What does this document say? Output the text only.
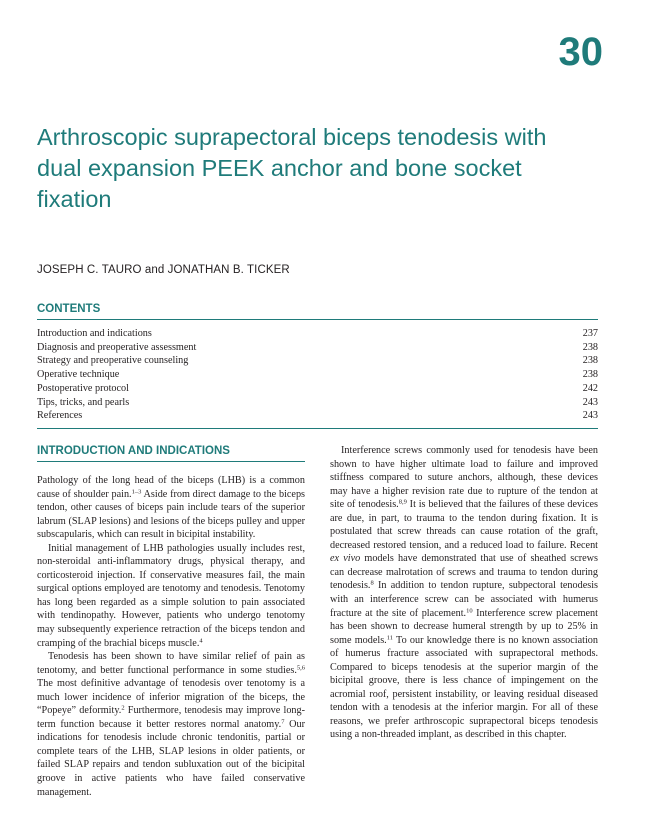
30
Arthroscopic suprapectoral biceps tenodesis with dual expansion PEEK anchor and bone socket fixation
JOSEPH C. TAURO and JONATHAN B. TICKER
CONTENTS
Introduction and indications	237
Diagnosis and preoperative assessment	238
Strategy and preoperative counseling	238
Operative technique	238
Postoperative protocol	242
Tips, tricks, and pearls	243
References	243
INTRODUCTION AND INDICATIONS

Pathology of the long head of the biceps (LHB) is a common cause of shoulder pain.$^{1-3}$ Aside from direct damage to the biceps tendon, other causes of biceps pain include tears of the superior labrum (SLAP lesions) and lesions of the biceps pulley and upper subscapularis, which can result in bicipital instability.

Initial management of LHB pathologies usually includes rest, non-steroidal anti-inflammatory drugs, physical therapy, and corticosteroid injection. If conservative measures fail, the main surgical options employed are tenotomy and tenodesis. Tenotomy has long been regarded as a simple solution to pain associated with tendinopathy. However, patients who undergo tenotomy may subsequently experience retraction of the biceps tendon and cramping of the brachial biceps muscle.$^4$

Tenodesis has been shown to have similar relief of pain as tenotomy, and better functional performance in some studies.$^{5,6}$ The most definitive advantage of tenodesis over tenotomy is a much lower incidence of inferior migration of the biceps, the “Popeye” deformity.$^2$ Furthermore, tenodesis may improve long-term function because it better restores normal anatomy.$^7$ Our indications for tenodesis include chronic tendonitis, partial or complete tears of the LHB, SLAP lesions in older patients, or failed SLAP repairs and tendon subluxation out of the bicipital groove in active patients who have failed conservative management.

Interference screws commonly used for tenodesis have been shown to have higher ultimate load to failure and improved stiffness compared to suture anchors, although, these devices may have a higher revision rate due to rupture of the tendon at site of tenodesis.$^{8,9}$ It is believed that the failures of these devices are due, in part, to trauma to the tendon during fixation. It is postulated that screw threads can cause rotation of the graft, decreased restored tension, and a reduced load to failure. Recent ex vivo models have demonstrated that use of sheathed screws can decrease malrotation of screws and trauma to tendon during tenodesis.$^8$ In addition to tendon rupture, subpectoral tenodesis with an interference screw can be associated with humerus fracture at the site of placement.$^{10}$ Interference screw placement has been shown to decrease humeral strength by up to 25% in some models.$^{11}$ To our knowledge there is no known association of humerus fracture associated with suprapectoral methods. Compared to biceps tenodesis at the superior margin of the bicipital groove, there is less chance of impingement on the acromial roof, persistent instability, or leaving residual diseased tendon with a tenodesis at the inferior margin. For all of these reasons, we prefer arthroscopic suprapectoral biceps tenodesis using a non-threaded implant, as described in this chapter.
